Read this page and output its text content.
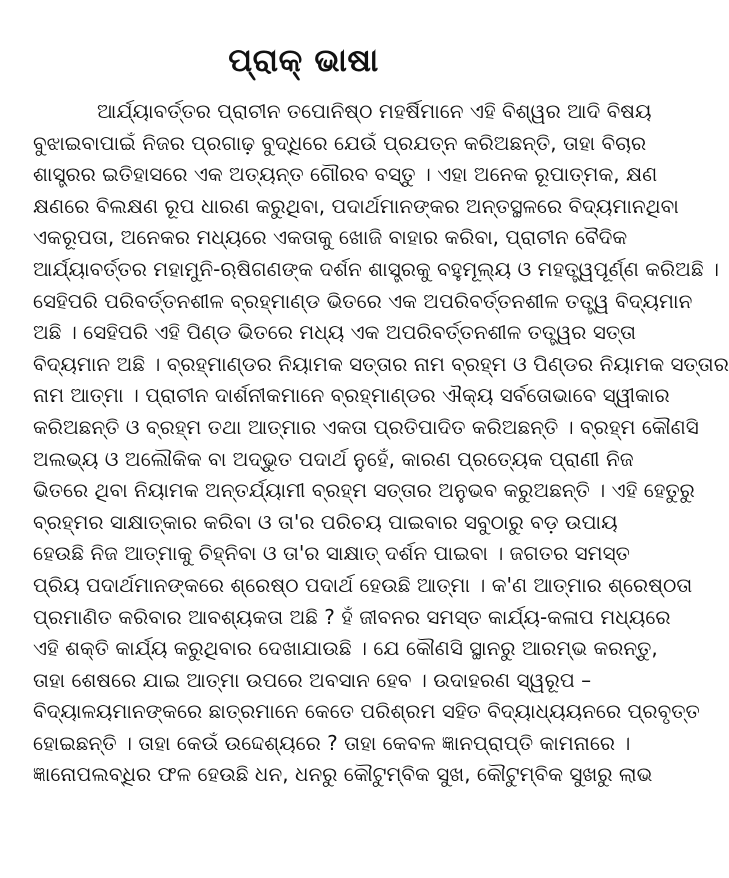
ପ୍ରାକ୍ ଭାଷା
ଆର୍ଯ୍ୟାବର୍ତ୍ତର ପ୍ରାଚୀନ ତପୋନିଷ୍ଠ ମହର୍ଷିମାନେ ଏହି ବିଶ୍ୱର ଆଦି ବିଷୟ
ବୁଝାଇବାପାଇଁ ନିଜର ପ୍ରଗାଢ଼ ବୁଦ୍ଧିରେ ଯେଉଁ ପ୍ରଯତ୍ନ କରିଅଛନ୍ତି, ତାହା ବିଚାର
ଶାସ୍ତ୍ରର ଇତିହାସରେ ଏକ ଅତ୍ୟନ୍ତ ଗୌରବ ବସ୍ତୁ । ଏହା ଅନେକ ରୂପାତ୍ମକ, କ୍ଷଣ
କ୍ଷଣରେ ବିଲକ୍ଷଣ ରୂପ ଧାରଣ କରୁଥିବା, ପଦାର୍ଥମାନଙ୍କର ଅନ୍ତସ୍ଥଳରେ ବିଦ୍ୟମାନଥିବା
ଏକରୂପତା, ଅନେକର ମଧ୍ୟରେ ଏକତାକୁ ଖୋଜି ବାହାର କରିବା, ପ୍ରାଚୀନ ବୈଦିକ
ଆର୍ଯ୍ୟାବର୍ତ୍ତର ମହାମୁନି-ଋଷିଗଣଙ୍କ ଦର୍ଶନ ଶାସ୍ତ୍ରକୁ ବହୁମୂଲ୍ୟ ଓ ମହତ୍ତ୍ୱପୂର୍ଣ୍ଣ କରିଅଛି ।
ସେହିପରି ପରିବର୍ତ୍ତନଶୀଳ ବ୍ରହ୍ମାଣ୍ଡ ଭିତରେ ଏକ ଅପରିବର୍ତ୍ତନଶୀଳ ତତ୍ତ୍ୱ ବିଦ୍ୟମାନ
ଅଛି । ସେହିପରି ଏହି ପିଣ୍ଡ ଭିତରେ ମଧ୍ୟ ଏକ ଅପରିବର୍ତ୍ତନଶୀଳ ତତ୍ତ୍ୱର ସତ୍ତା
ବିଦ୍ୟମାନ ଅଛି । ବ୍ରହ୍ମାଣ୍ଡର ନିୟାମକ ସତ୍ତାର ନାମ ବ୍ରହ୍ମ ଓ ପିଣ୍ଡର ନିୟାମକ ସତ୍ତାର
ନାମ ଆତ୍ମା । ପ୍ରାଚୀନ ଦାର୍ଶନୀକମାନେ ବ୍ରହ୍ମାଣ୍ଡର ଐକ୍ୟ ସର୍ବତୋଭାବେ ସ୍ୱୀକାର
କରିଅଛନ୍ତି ଓ ବ୍ରହ୍ମ ତଥା ଆତ୍ମାର ଏକତା ପ୍ରତିପାଦିତ କରିଅଛନ୍ତି । ବ୍ରହ୍ମ କୌଣସି
ଅଲଭ୍ୟ ଓ ଅଲୌକିକ ବା ଅଦ୍ଭୁତ ପଦାର୍ଥ ନୁହେଁ, କାରଣ ପ୍ରତ୍ୟେକ ପ୍ରାଣୀ ନିଜ
ଭିତରେ ଥିବା ନିୟାମକ ଅନ୍ତର୍ଯ୍ୟାମୀ ବ୍ରହ୍ମ ସତ୍ତାର ଅନୁଭବ କରୁଅଛନ୍ତି । ଏହି ହେତୁରୁ
ବ୍ରହ୍ମର ସାକ୍ଷାତ୍କାର କରିବା ଓ ତା'ର ପରିଚୟ ପାଇବାର ସବୁଠାରୁ ବଡ଼ ଉପାୟ
ହେଉଛି ନିଜ ଆତ୍ମାକୁ ଚିହ୍ନିବା ଓ ତା'ର ସାକ୍ଷାତ୍ ଦର୍ଶନ ପାଇବା । ଜଗତର ସମସ୍ତ
ପ୍ରିୟ ପଦାର୍ଥମାନଙ୍କରେ ଶ୍ରେଷ୍ଠ ପଦାର୍ଥ ହେଉଛି ଆତ୍ମା । କ'ଣ ଆତ୍ମାର ଶ୍ରେଷ୍ଠତା
ପ୍ରମାଣିତ କରିବାର ଆବଶ୍ୟକତା ଅଛି ? ହଁ ଜୀବନର ସମସ୍ତ କାର୍ଯ୍ୟ-କଳାପ ମଧ୍ୟରେ
ଏହି ଶକ୍ତି କାର୍ଯ୍ୟ କରୁଥିବାର ଦେଖାଯାଉଛି । ଯେ କୌଣସି ସ୍ଥାନରୁ ଆରମ୍ଭ କରନ୍ତୁ,
ତାହା ଶେଷରେ ଯାଇ ଆତ୍ମା ଉପରେ ଅବସାନ ହେବ । ଉଦାହରଣ ସ୍ୱରୂପ –
ବିଦ୍ୟାଳୟମାନଙ୍କରେ ଛାତ୍ରମାନେ କେତେ ପରିଶ୍ରମ ସହିତ ବିଦ୍ୟାଧ୍ୟୟନରେ ପ୍ରବୃତ୍ତ
ହୋଇଛନ୍ତି । ତାହା କେଉଁ ଉଦ୍ଦେଶ୍ୟରେ ? ତାହା କେବଳ ଜ୍ଞାନପ୍ରାପ୍ତି କାମନାରେ ।
ଜ୍ଞାନୋପଲବ୍ଧିର ଫଳ ହେଉଛି ଧନ, ଧନରୁ କୌଟୁମ୍ବିକ ସୁଖ, କୌଟୁମ୍ବିକ ସୁଖରୁ ଲାଭ
